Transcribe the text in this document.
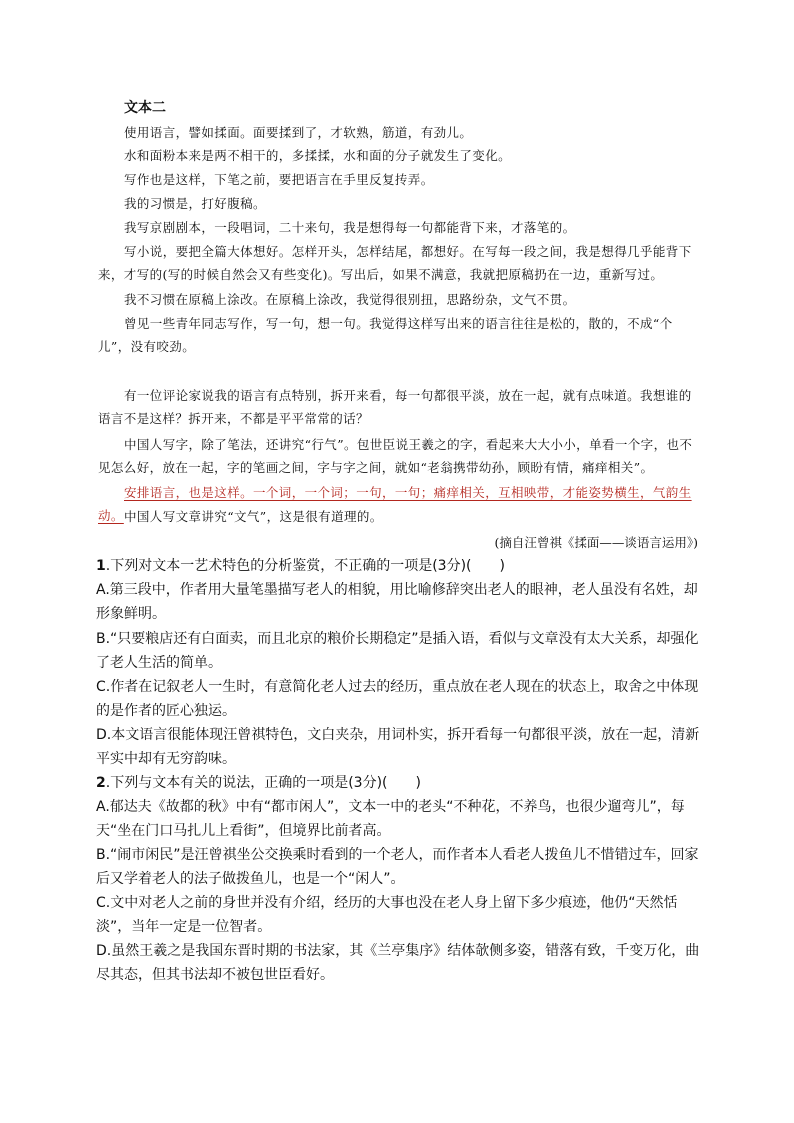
文本二
使用语言，譬如揉面。面要揉到了，才软熟，筋道，有劲儿。
水和面粉本来是两不相干的，多揉揉，水和面的分子就发生了变化。
写作也是这样，下笔之前，要把语言在手里反复抟弄。
我的习惯是，打好腹稿。
我写京剧剧本，一段唱词，二十来句，我是想得每一句都能背下来，才落笔的。
写小说，要把全篇大体想好。怎样开头，怎样结尾，都想好。在写每一段之间，我是想得几乎能背下来，才写的(写的时候自然会又有些变化)。写出后，如果不满意，我就把原稿扔在一边，重新写过。
我不习惯在原稿上涂改。在原稿上涂改，我觉得很别扭，思路纷杂，文气不贯。
曾见一些青年同志写作，写一句，想一句。我觉得这样写出来的语言往往是松的，散的，不成“个儿”，没有咬劲。
有一位评论家说我的语言有点特别，拆开来看，每一句都很平淡，放在一起，就有点味道。我想谁的语言不是这样？拆开来，不都是平平常常的话？
中国人写字，除了笔法，还讲究“行气”。包世臣说王羲之的字，看起来大大小小，单看一个字，也不见怎么好，放在一起，字的笔画之间，字与字之间，就如“老翁携带幼孙，顾盼有情，痛痒相关”。
安排语言，也是这样。一个词，一个词；一句，一句；痛痒相关，互相映带，才能姿势横生，气韵生动。 中国人写文章讲究“文气”，这是很有道理的。
(摘自汪曾祺《揉面——谈语言运用》)
1.下列对文本一艺术特色的分析鉴赏，不正确的一项是(3分)(　　)
A.第三段中，作者用大量笔墨描写老人的相貌，用比喻修辞突出老人的眼神，老人虽没有名姓，却形象鲜明。
B.“只要粮店还有白面卖，而且北京的粮价长期稳定”是插入语，看似与文章没有太大关系，却强化了老人生活的简单。
C.作者在记叙老人一生时，有意简化老人过去的经历，重点放在老人现在的状态上，取舍之中体现的是作者的匠心独运。
D.本文语言很能体现汪曾祺特色，文白夹杂，用词朴实，拆开看每一句都很平淡，放在一起，清新平实中却有无穷韵味。
2.下列与文本有关的说法，正确的一项是(3分)(　　)
A.郁达夫《故都的秋》中有“都市闲人”，文本一中的老头“不种花，不养鸟，也很少遛弯儿”，每天“坐在门口马扎儿上看街”，但境界比前者高。
B.“闹市闲民”是汪曾祺坐公交换乘时看到的一个老人，而作者本人看老人拨鱼儿不惜错过车，回家后又学着老人的法子做拨鱼儿，也是一个“闲人”。
C.文中对老人之前的身世并没有介绍，经历的大事也没在老人身上留下多少痕迹，他仍“天然恬淡”，当年一定是一位智者。
D.虽然王羲之是我国东晋时期的书法家，其《兰亭集序》结体欹侧多姿，错落有致，千变万化，曲尽其态，但其书法却不被包世臣看好。
